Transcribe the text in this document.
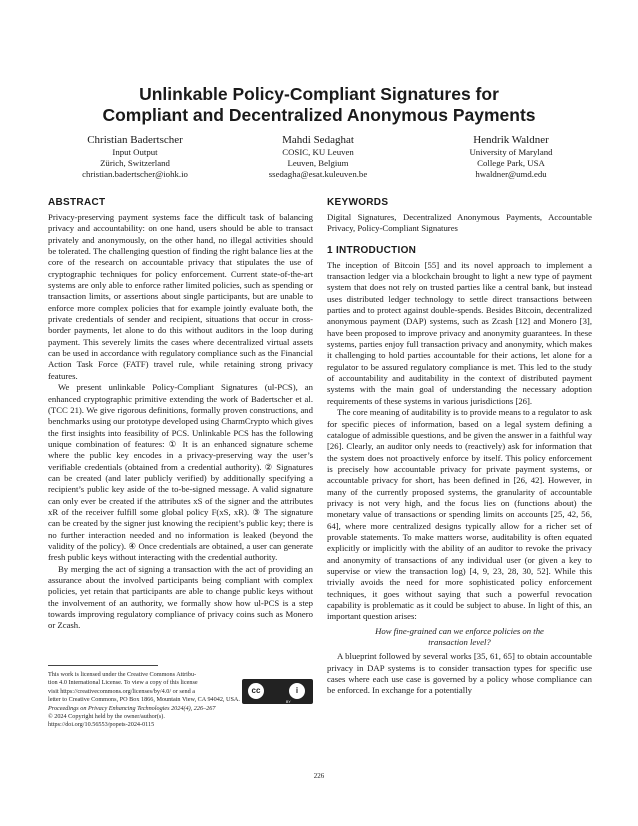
Unlinkable Policy-Compliant Signatures for
Compliant and Decentralized Anonymous Payments
Christian Badertscher
Input Output
Zürich, Switzerland
christian.badertscher@iohk.io
Mahdi Sedaghat
COSIC, KU Leuven
Leuven, Belgium
ssedagha@esat.kuleuven.be
Hendrik Waldner
University of Maryland
College Park, USA
hwaldner@umd.edu
ABSTRACT

Privacy-preserving payment systems face the difficult task of balancing privacy and accountability: on one hand, users should be able to transact privately and anonymously, on the other hand, no illegal activities should be tolerated. The challenging question of finding the right balance lies at the core of the research on accountable privacy that stipulates the use of cryptographic techniques for policy enforcement. Current state-of-the-art systems are only able to enforce rather limited policies, such as spending or transaction limits, or assertions about single participants, but are unable to enforce more complex policies that for example jointly evaluate both, the private credentials of sender and recipient, situations that occur in cross-border payments, let alone to do this without auditors in the loop during payment. This severely limits the cases where decentralized virtual assets can be used in accordance with regulatory compliance such as the Financial Action Task Force (FATF) travel rule, while retaining strong privacy features.

We present unlinkable Policy-Compliant Signatures (ul-PCS), an enhanced cryptographic primitive extending the work of Badertscher et al. (TCC 21). We give rigorous definitions, formally proven constructions, and benchmarks using our prototype developed using CharmCrypto which gives the first insights into feasibility of PCS. Unlinkable PCS has the following unique combination of features: ① It is an enhanced signature scheme where the public key encodes in a privacy-preserving way the user’s verifiable credentials (obtained from a credential authority). ② Signatures can be created (and later publicly verified) by additionally specifying a recipient’s public key aside of the to-be-signed message. A valid signature can only ever be created if the attributes xS of the signer and the attributes xR of the receiver fulfill some global policy F(xS, xR). ③ The signature can be created by the signer just knowing the recipient’s public key; there is no further interaction needed and no information is leaked (beyond the validity of the policy). ④ Once credentials are obtained, a user can generate fresh public keys without interacting with the credential authority.

By merging the act of signing a transaction with the act of providing an assurance about the involved participants being compliant with complex policies, yet retain that participants are able to change public keys without the involvement of an authority, we formally show how ul-PCS is a step towards improving regulatory compliance of privacy coins such as Monero or Zcash.

KEYWORDS

Digital Signatures, Decentralized Anonymous Payments, Accountable Privacy, Policy-Compliant Signatures

1 INTRODUCTION

The inception of Bitcoin [55] and its novel approach to implement a transaction ledger via a blockchain brought to light a new type of payment system that does not rely on trusted parties like a central bank, but instead uses distributed ledger technology to settle direct transactions between parties and to protect against double-spends. Besides Bitcoin, decentralized anonymous payment (DAP) systems, such as Zcash [12] and Monero [3], have been proposed to improve privacy and anonymity guarantees. In these systems, parties enjoy full transaction privacy and anonymity, which makes it challenging to hold parties accountable for their actions, let alone for a regulator to be assured regulatory compliance is met. This led to the study of accountability and auditability in the context of distributed payment systems with the main goal of understanding the necessary adoption requirements of these systems in various jurisdictions [26].

The core meaning of auditability is to provide means to a regulator to ask for specific pieces of information, based on a legal system defining a catalogue of admissible questions, and be given the answer in a faithful way [26]. Clearly, an auditor only needs to (reactively) ask for information that the system does not proactively enforce by itself. This policy enforcement is precisely how accountable privacy for private payment systems, or accountable privacy for short, has been defined in [26, 42]. However, in many of the currently proposed systems, the granularity of accountable privacy is not very high, and the focus lies on (functions about) the monetary value of transactions or spending limits on accounts [25, 42, 56, 64], where more centralized designs typically allow for a richer set of provable statements. To make matters worse, auditability is often equated explicitly or implicitly with the ability of an auditor to revoke the privacy and anonymity of transactions of any individual user (or given a key to supervise or view the transaction log) [4, 9, 23, 28, 30, 52]. While this trivially avoids the need for more sophisticated policy enforcement techniques, it goes without saying that such a powerful revocation capability is problematic as it could be subject to abuse. In light of this, an important question arises:

How fine-grained can we enforce policies on the
transaction level?

A blueprint followed by several works [35, 61, 65] to obtain accountable privacy in DAP systems is to consider transaction types for specific use cases where each use case is governed by a policy whose compliance can be enforced. In exchange for a potentially

This work is licensed under the Creative Commons Attribu-
tion 4.0 International License. To view a copy of this license
visit https://creativecommons.org/licenses/by/4.0/ or send a
letter to Creative Commons, PO Box 1866, Mountain View, CA 94042, USA.
Proceedings on Privacy Enhancing Technologies 2024(4), 226–267
© 2024 Copyright held by the owner/author(s).
https://doi.org/10.56553/popets-2024-0115
cc	i
BY
226
